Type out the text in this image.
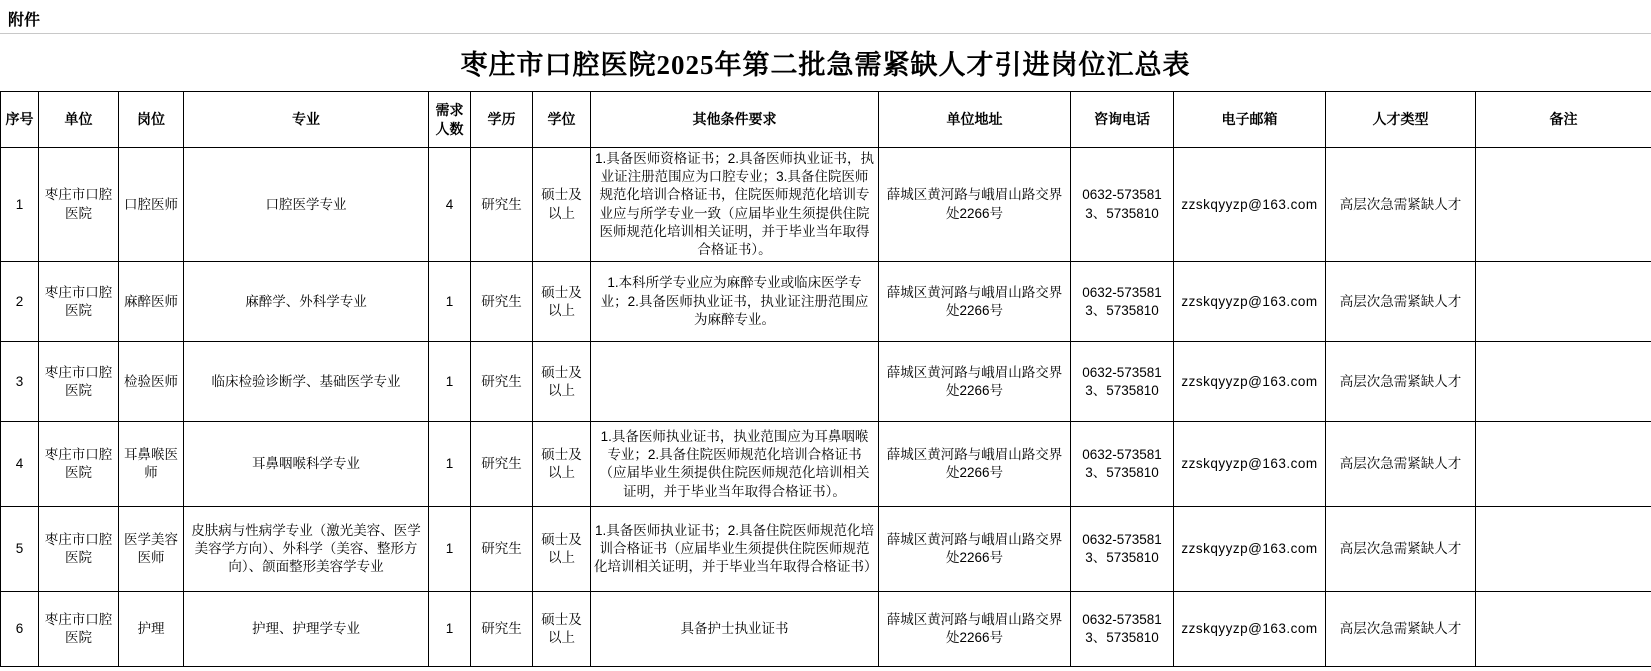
附件
枣庄市口腔医院2025年第二批急需紧缺人才引进岗位汇总表
序号	单位	岗位	专业	需求人数	学历	学位	其他条件要求	单位地址	咨询电话	电子邮箱	人才类型	备注
1	枣庄市口腔医院	口腔医师	口腔医学专业	4	研究生	硕士及以上	1.具备医师资格证书；2.具备医师执业证书，执业证注册范围应为口腔专业；3.具备住院医师规范化培训合格证书，住院医师规范化培训专业应与所学专业一致（应届毕业生须提供住院医师规范化培训相关证明，并于毕业当年取得合格证书）。	薛城区黄河路与峨眉山路交界处2266号	0632-5735813、5735810	zzskqyyzp@163.com	高层次急需紧缺人才	
2	枣庄市口腔医院	麻醉医师	麻醉学、外科学专业	1	研究生	硕士及以上	1.本科所学专业应为麻醉专业或临床医学专业；2.具备医师执业证书，执业证注册范围应为麻醉专业。	薛城区黄河路与峨眉山路交界处2266号	0632-5735813、5735810	zzskqyyzp@163.com	高层次急需紧缺人才	
3	枣庄市口腔医院	检验医师	临床检验诊断学、基础医学专业	1	研究生	硕士及以上		薛城区黄河路与峨眉山路交界处2266号	0632-5735813、5735810	zzskqyyzp@163.com	高层次急需紧缺人才	
4	枣庄市口腔医院	耳鼻喉医师	耳鼻咽喉科学专业	1	研究生	硕士及以上	1.具备医师执业证书，执业范围应为耳鼻咽喉专业；2.具备住院医师规范化培训合格证书（应届毕业生须提供住院医师规范化培训相关证明，并于毕业当年取得合格证书）。	薛城区黄河路与峨眉山路交界处2266号	0632-5735813、5735810	zzskqyyzp@163.com	高层次急需紧缺人才	
5	枣庄市口腔医院	医学美容医师	皮肤病与性病学专业（激光美容、医学美容学方向）、外科学（美容、整形方向）、颌面整形美容学专业	1	研究生	硕士及以上	1.具备医师执业证书；2.具备住院医师规范化培训合格证书（应届毕业生须提供住院医师规范化培训相关证明，并于毕业当年取得合格证书）	薛城区黄河路与峨眉山路交界处2266号	0632-5735813、5735810	zzskqyyzp@163.com	高层次急需紧缺人才	
6	枣庄市口腔医院	护理	护理、护理学专业	1	研究生	硕士及以上	具备护士执业证书	薛城区黄河路与峨眉山路交界处2266号	0632-5735813、5735810	zzskqyyzp@163.com	高层次急需紧缺人才	
